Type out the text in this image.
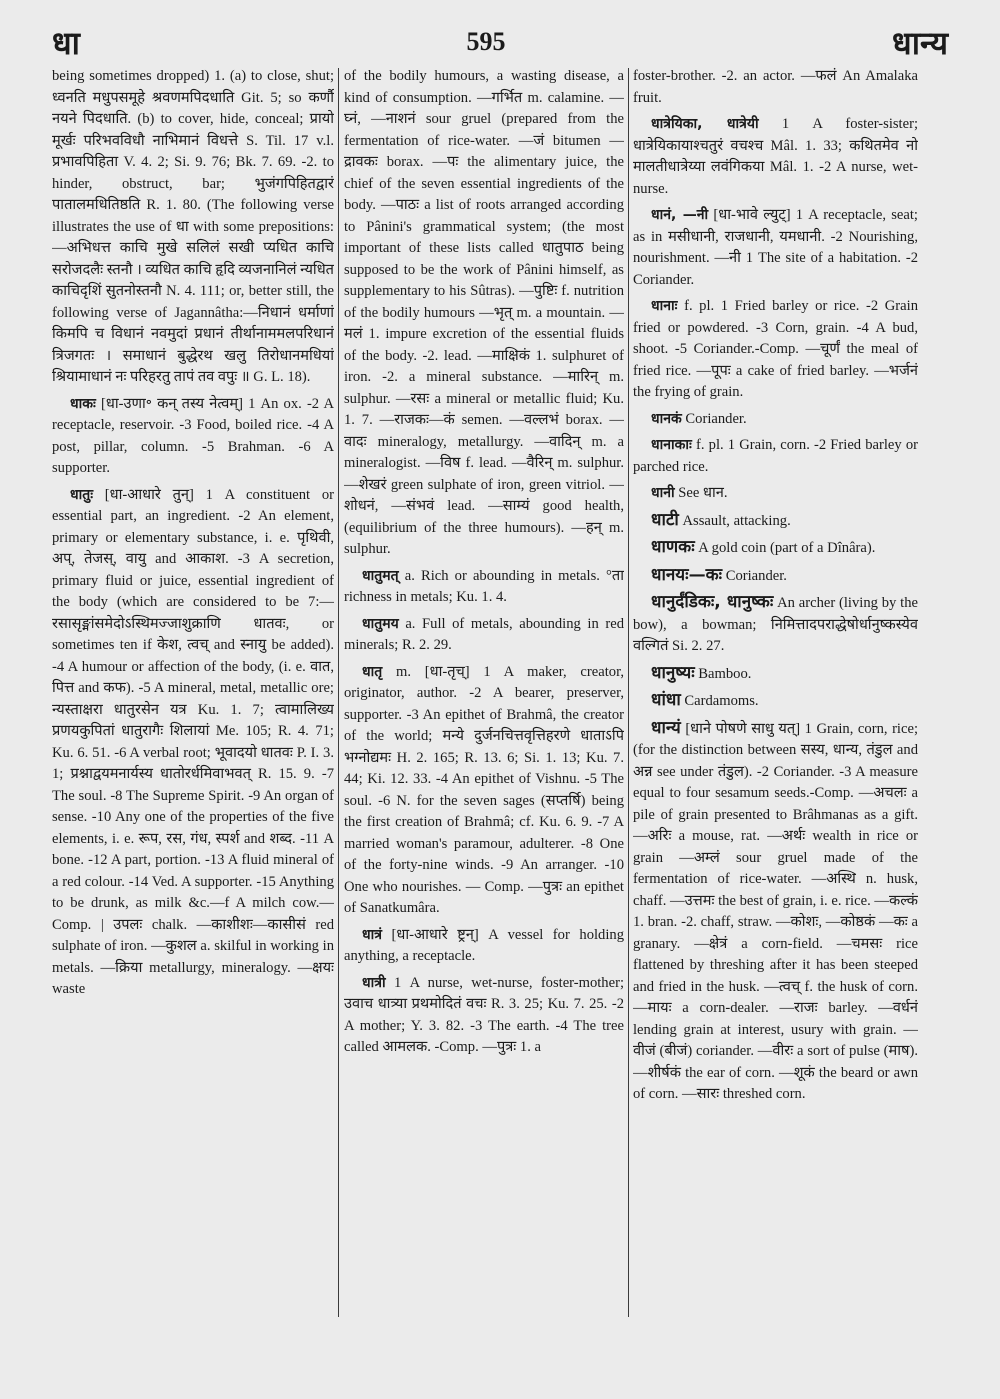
धा	595	धान्य

being sometimes dropped) 1. (a) to close, shut; ध्वनति मधुपसमूहे श्रवणमपिदधाति Git. 5; so कर्णौ नयने पिदधाति. (b) to cover, hide, conceal; प्रायो मूर्खः परिभवविधौ नाभिमानं विधत्ते S. Til. 17 v.l. प्रभावपिहिता V. 4. 2; Si. 9. 76; Bk. 7. 69. -2. to hinder, obstruct, bar; भुजंगपिहितद्वारं पातालमधितिष्ठति R. 1. 80. (The following verse illustrates the use of धा with some prepositions:—अभिधत्त काचि मुखे सलिलं सखी प्यधित काचि सरोजदलैः स्तनौ । व्यधित काचि हृदि व्यजनानिलं न्यधित काचिदृशिं सुतनोस्तनौ N. 4. 111; or, better still, the following verse of Jagannâtha:—निधानं धर्माणां किमपि च विधानं नवमुदां प्रधानं तीर्थानाममलपरिधानं त्रिजगतः । समाधानं बुद्धेरथ खलु तिरोधानमधियां श्रियामाधानं नः परिहरतु तापं तव वपुः ॥ G. L. 18).

धाकः [धा-उणा॰ कन् तस्य नेत्वम्] 1 An ox. -2 A receptacle, reservoir. -3 Food, boiled rice. -4 A post, pillar, column. -5 Brahman. -6 A supporter.

धातुः [धा-आधारे तुन्] 1 A constituent or essential part, an ingredient. -2 An element, primary or elementary substance, i. e. पृथिवी, अप्, तेजस्, वायु and आकाश. -3 A secretion, primary fluid or juice, essential ingredient of the body (which are considered to be 7:—रसासृङ्मांसमेदोऽस्थिमज्जाशुक्राणि धातवः, or sometimes ten if केश, त्वच् and स्नायु be added). -4 A humour or affection of the body, (i. e. वात, पित्त and कफ). -5 A mineral, metal, metallic ore; न्यस्ताक्षरा धातुरसेन यत्र Ku. 1. 7; त्वामालिख्य प्रणयकुपितां धातुरागैः शिलायां Me. 105; R. 4. 71; Ku. 6. 51. -6 A verbal root; भूवादयो धातवः P. I. 3. 1; प्रश्नाद्वयमनार्यस्य धातोरर्धमिवाभवत् R. 15. 9. -7 The soul. -8 The Supreme Spirit. -9 An organ of sense. -10 Any one of the properties of the five elements, i. e. रूप, रस, गंध, स्पर्श and शब्द. -11 A bone. -12 A part, portion. -13 A fluid mineral of a red colour. -14 Ved. A supporter. -15 Anything to be drunk, as milk &c.—f A milch cow.—Comp. | उपलः chalk. —काशीशः—कासीसं red sulphate of iron. —कुशल a. skilful in working in metals. —क्रिया metallurgy, mineralogy. —क्षयः waste

of the bodily humours, a wasting disease, a kind of consumption. —गर्भित m. calamine. —घ्नं, —नाशनं sour gruel (prepared from the fermentation of rice-water. —जं bitumen —द्रावकः borax. —पः the alimentary juice, the chief of the seven essential ingredients of the body. —पाठः a list of roots arranged according to Pânini's grammatical system; (the most important of these lists called धातुपाठ being supposed to be the work of Pânini himself, as supplementary to his Sûtras). —पुष्टिः f. nutrition of the bodily humours —भृत् m. a mountain. —मलं 1. impure excretion of the essential fluids of the body. -2. lead. —माक्षिकं 1. sulphuret of iron. -2. a mineral substance. —मारिन् m. sulphur. —रसः a mineral or metallic fluid; Ku. 1. 7. —राजकः—कं semen. —वल्लभं borax. —वादः mineralogy, metallurgy. —वादिन् m. a mineralogist. —विष f. lead. —वैरिन् m. sulphur. —शेखरं green sulphate of iron, green vitriol. —शोधनं, —संभवं lead. —साम्यं good health, (equilibrium of the three humours). —हन् m. sulphur.

धातुमत् a. Rich or abounding in metals. °ता richness in metals; Ku. 1. 4.

धातुमय a. Full of metals, abounding in red minerals; R. 2. 29.

धातृ m. [धा-तृच्] 1 A maker, creator, originator, author. -2 A bearer, preserver, supporter. -3 An epithet of Brahmâ, the creator of the world; मन्ये दुर्जनचित्तवृत्तिहरणे धाताऽपि भग्नोद्यमः H. 2. 165; R. 13. 6; Si. 1. 13; Ku. 7. 44; Ki. 12. 33. -4 An epithet of Vishnu. -5 The soul. -6 N. for the seven sages (सप्तर्षि) being the first creation of Brahmâ; cf. Ku. 6. 9. -7 A married woman's paramour, adulterer. -8 One of the forty-nine winds. -9 An arranger. -10 One who nourishes. — Comp. —पुत्रः an epithet of Sanatkumâra.

धात्रं [धा-आधारे ष्ट्रन्] A vessel for holding anything, a receptacle.

धात्री 1 A nurse, wet-nurse, foster-mother; उवाच धात्र्या प्रथमोदितं वचः R. 3. 25; Ku. 7. 25. -2 A mother; Y. 3. 82. -3 The earth. -4 The tree called आमलक. -Comp. —पुत्रः 1. a

foster-brother. -2. an actor. —फलं An Amalaka fruit.

धात्रेयिका, धात्रेयी 1 A foster-sister; धात्रेयिकायाश्चतुरं वचश्च Mâl. 1. 33; कथितमेव नो मालतीधात्रेय्या लवंगिकया Mâl. 1. -2 A nurse, wet-nurse.

धानं, —नी [धा-भावे ल्युट्] 1 A receptacle, seat; as in मसीधानी, राजधानी, यमधानी. -2 Nourishing, nourishment. —नी 1 The site of a habitation. -2 Coriander.

धानाः f. pl. 1 Fried barley or rice. -2 Grain fried or powdered. -3 Corn, grain. -4 A bud, shoot. -5 Coriander.-Comp. —चूर्णं the meal of fried rice. —पूपः a cake of fried barley. —भर्जनं the frying of grain.

धानकं Coriander.

धानाकाः f. pl. 1 Grain, corn. -2 Fried barley or parched rice.

धानी See धान.

धाटी Assault, attacking.

धाणकः A gold coin (part of a Dînâra).

धानयः—कः Coriander.

धानुर्दंडिकः, धानुष्कः An archer (living by the bow), a bowman; निमित्तादपराद्धेषोर्धानुष्कस्येव वल्गितं Si. 2. 27.

धानुष्यः Bamboo.

धांधा Cardamoms.

धान्यं [धाने पोषणे साधु यत्] 1 Grain, corn, rice; (for the distinction between सस्य, धान्य, तंडुल and अन्न see under तंडुल). -2 Coriander. -3 A measure equal to four sesamum seeds.-Comp. —अचलः a pile of grain presented to Brâhmanas as a gift. —अरिः a mouse, rat. —अर्थः wealth in rice or grain —अम्लं sour gruel made of the fermentation of rice-water. —अस्थि n. husk, chaff. —उत्तमः the best of grain, i. e. rice. —कल्कं 1. bran. -2. chaff, straw. —कोशः, —कोष्ठकं —कः a granary. —क्षेत्रं a corn-field. —चमसः rice flattened by threshing after it has been steeped and fried in the husk. —त्वच् f. the husk of corn. —मायः a corn-dealer. —राजः barley. —वर्धनं lending grain at interest, usury with grain. —वीजं (बीजं) coriander. —वीरः a sort of pulse (माष). —शीर्षकं the ear of corn. —शूकं the beard or awn of corn. —सारः threshed corn.
